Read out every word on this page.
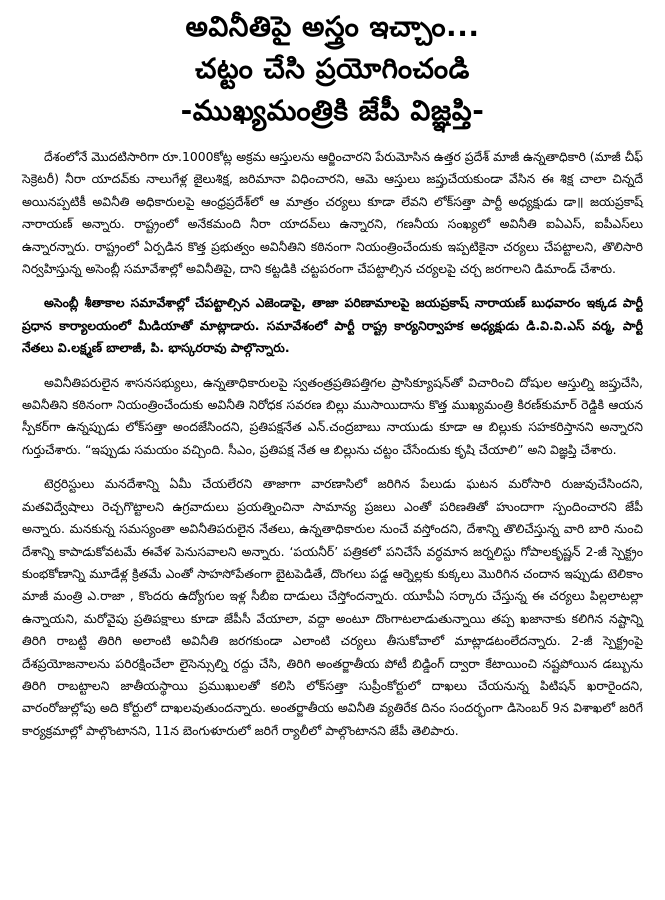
అవినీతిపై అస్త్రం ఇచ్చాం...
చట్టం చేసి ప్రయోగించండి
-ముఖ్యమంత్రికి జేపీ విజ్ఞప్తి-

దేశంలోనే మొదటిసారిగా రూ.1000కోట్ల అక్రమ ఆస్తులను ఆర్జించారని పేరుమోసిన ఉత్తర ప్రదేశ్ మాజీ ఉన్నతాధికారి (మాజీ చీఫ్ సెక్రెటరీ) నీరా యాదవ్‌కు నాలుగేళ్ల జైలుశిక్ష, జరిమానా విధించారని, ఆమె ఆస్తులు జప్తుచేయకుండా వేసిన ఈ శిక్ష చాలా చిన్నదే అయినప్పటికీ అవినీతి అధికారులపై ఆంధ్రప్రదేశ్‌లో ఆ మాత్రం చర్యలు కూడా లేవని లోక్‌సత్తా పార్టీ అధ్యక్షుడు డా॥ జయప్రకాష్ నారాయణ్ అన్నారు. రాష్ట్రంలో అనేకమంది నీరా యాదవ్‌లు ఉన్నారని, గణనీయ సంఖ్యలో అవినీతి ఐఏఎస్, ఐపీఎస్‌లు ఉన్నారన్నారు. రాష్ట్రంలో ఏర్పడిన కొత్త ప్రభుత్వం అవినీతిని కఠినంగా నియంత్రించేందుకు ఇప్పటికైనా చర్యలు చేపట్టాలని, తొలిసారి నిర్వహిస్తున్న అసెంబ్లీ సమావేశాల్లో అవినీతిపై, దాని కట్టడికి చట్టపరంగా చేపట్టాల్సిన చర్యలపై చర్చ జరగాలని డిమాండ్ చేశారు.

అసెంబ్లీ శీతాకాల సమావేశాల్లో చేపట్టాల్సిన ఎజెండాపై, తాజా పరిణామాలపై జయప్రకాష్ నారాయణ్ బుధవారం ఇక్కడ పార్టీ ప్రధాన కార్యాలయంలో మీడియాతో మాట్లాడారు. సమావేశంలో పార్టీ రాష్ట్ర కార్యనిర్వాహక అధ్యక్షుడు డి.వి.వి.ఎస్ వర్మ, పార్టీ నేతలు వి.లక్ష్మణ్ బాలాజీ, పి. భాస్కరరావు పాల్గొన్నారు.

అవినీతిపరులైన శాసనసభ్యులు, ఉన్నతాధికారులపై స్వతంత్రప్రతిపత్తిగల ప్రాసిక్యూషన్‌తో విచారించి దోషుల ఆస్తుల్ని జప్తుచేసి, అవినీతిని కఠినంగా నియంత్రించేందుకు అవినీతి నిరోధక సవరణ బిల్లు ముసాయిదాను కొత్త ముఖ్యమంత్రి కిరణ్‌కుమార్ రెడ్డికి ఆయన స్పీకర్‌గా ఉన్నప్పుడు లోక్‌సత్తా అందజేసిందని, ప్రతిపక్షనేత ఎన్.చంద్రబాబు నాయుడు కూడా ఆ బిల్లుకు సహకరిస్తానని అన్నారని గుర్తుచేశారు. “ఇప్పుడు సమయం వచ్చింది. సీఎం, ప్రతిపక్ష నేత ఆ బిల్లును చట్టం చేసేందుకు కృషి చేయాలి” అని విజ్ఞప్తి చేశారు.

టెర్రరిస్టులు మనదేశాన్ని ఏమీ చేయలేరని తాజాగా వారణాసిలో జరిగిన పేలుడు ఘటన మరోసారి రుజువుచేసిందని, మతవిద్వేషాలు రెచ్చగొట్టాలని ఉగ్రవాదులు ప్రయత్నించినా సామాన్య ప్రజలు ఎంతో పరిణతితో హుందాగా స్పందించారని జేపీ అన్నారు. మనకున్న సమస్యంతా అవినీతిపరులైన నేతలు, ఉన్నతాధికారుల నుంచే వస్తోందని, దేశాన్ని తొలిచేస్తున్న వారి బారి నుంచి దేశాన్ని కాపాడుకోవటమే ఈవేళ పెనుసవాలని అన్నారు. ‘పయనీర్’ పత్రికలో పనిచేసే వర్ధమాన జర్నలిస్టు గోపాలకృష్ణన్ 2-జీ స్పెక్ట్రం కుంభకోణాన్ని మూడేళ్ల క్రితమే ఎంతో సాహసోపేతంగా బైటపెడితే, దొంగలు పడ్డ ఆర్నెల్లకు కుక్కలు మొరిగిన చందాన ఇప్పుడు టెలికాం మాజీ మంత్రి ఎ.రాజా , కొందరు ఉద్యోగుల ఇళ్ల సీబీఐ దాడులు చేస్తోందన్నారు. యూపీఏ సర్కారు చేస్తున్న ఈ చర్యలు పిల్లలాటల్లా ఉన్నాయని, మరోవైపు ప్రతిపక్షాలు కూడా జేపీసీ వేయాలా, వద్దా అంటూ దొంగాటలాడుతున్నాయి తప్ప ఖజానాకు కలిగిన నష్టాన్ని తిరిగి రాబట్టి తిరిగి అలాంటి అవినీతి జరగకుండా ఎలాంటి చర్యలు తీసుకోవాలో మాట్లాడటంలేదన్నారు. 2-జీ స్పెక్ట్రంపై దేశప్రయోజనాలను పరిరక్షించేలా లైసెన్సుల్ని రద్దు చేసి, తిరిగి అంతర్జాతీయ పోటీ బిడ్డింగ్ ద్వారా కేటాయించి నష్టపోయిన డబ్బును తిరిగి రాబట్టాలని జాతీయస్థాయి ప్రముఖులతో కలిసి లోక్‌సత్తా సుప్రీంకోర్టులో దాఖలు చేయనున్న పిటిషన్ ఖరారైందని, వారంరోజుల్లోపు అది కోర్టులో దాఖలవుతుందన్నారు. అంతర్జాతీయ అవినీతి వ్యతిరేక దినం సందర్భంగా డిసెంబర్ 9న విశాఖలో జరిగే కార్యక్రమాల్లో పాల్గొంటానని, 11న బెంగుళూరులో జరిగే ర్యాలీలో పాల్గొంటానని జేపీ తెలిపారు.
